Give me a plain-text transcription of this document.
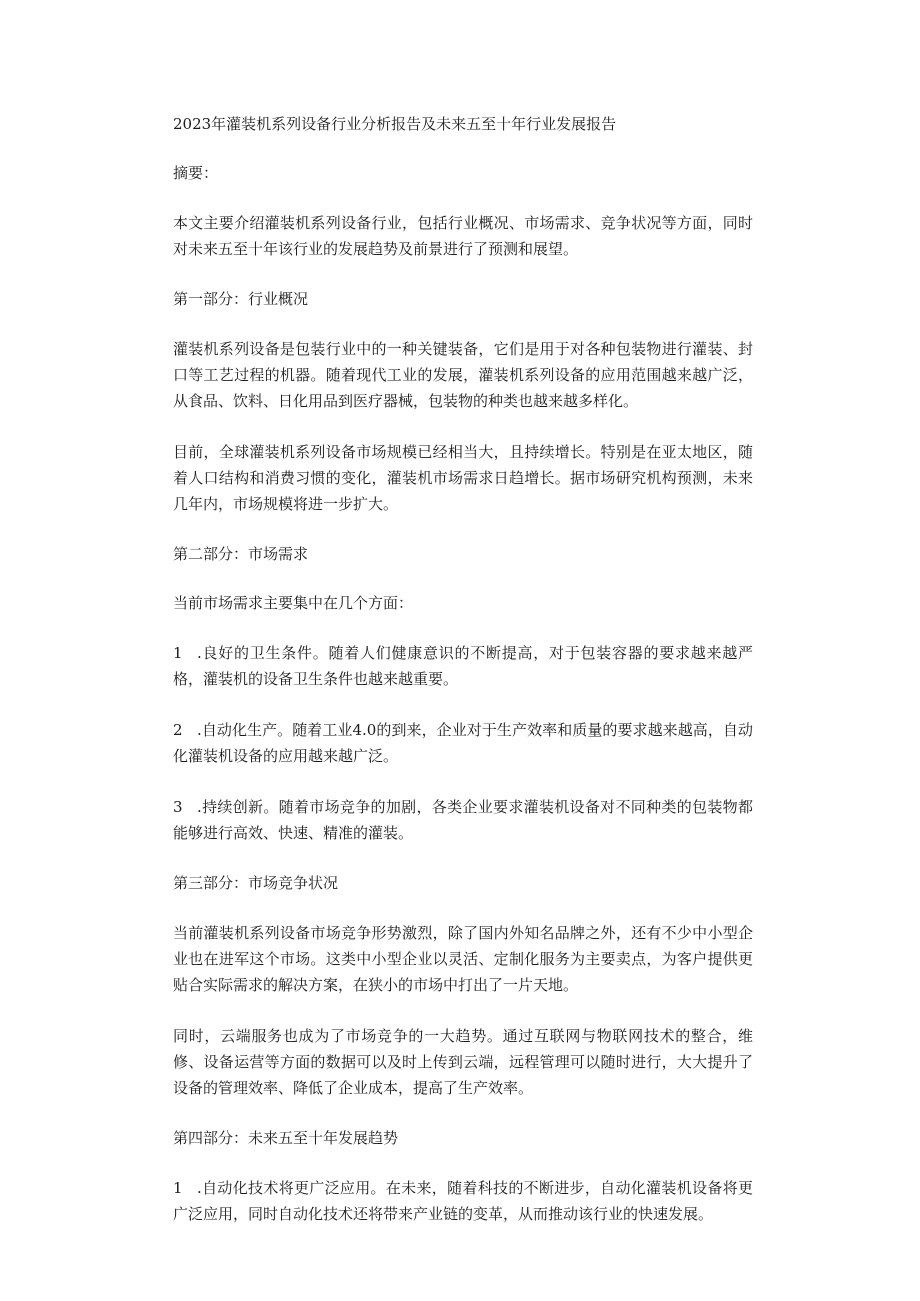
2023年灌装机系列设备行业分析报告及未来五至十年行业发展报告

摘要：

本文主要介绍灌装机系列设备行业，包括行业概况、市场需求、竞争状况等方面，同时对未来五至十年该行业的发展趋势及前景进行了预测和展望。

第一部分：行业概况

灌装机系列设备是包装行业中的一种关键装备，它们是用于对各种包装物进行灌装、封口等工艺过程的机器。随着现代工业的发展，灌装机系列设备的应用范围越来越广泛，从食品、饮料、日化用品到医疗器械，包装物的种类也越来越多样化。

目前，全球灌装机系列设备市场规模已经相当大，且持续增长。特别是在亚太地区，随着人口结构和消费习惯的变化，灌装机市场需求日趋增长。据市场研究机构预测，未来几年内，市场规模将进一步扩大。

第二部分：市场需求

当前市场需求主要集中在几个方面：

1 .良好的卫生条件。随着人们健康意识的不断提高，对于包装容器的要求越来越严格，灌装机的设备卫生条件也越来越重要。

2 .自动化生产。随着工业4.0的到来，企业对于生产效率和质量的要求越来越高，自动化灌装机设备的应用越来越广泛。

3 .持续创新。随着市场竞争的加剧，各类企业要求灌装机设备对不同种类的包装物都能够进行高效、快速、精准的灌装。

第三部分：市场竞争状况

当前灌装机系列设备市场竞争形势激烈，除了国内外知名品牌之外，还有不少中小型企业也在进军这个市场。这类中小型企业以灵活、定制化服务为主要卖点，为客户提供更贴合实际需求的解决方案，在狭小的市场中打出了一片天地。

同时，云端服务也成为了市场竞争的一大趋势。通过互联网与物联网技术的整合，维修、设备运营等方面的数据可以及时上传到云端，远程管理可以随时进行，大大提升了设备的管理效率、降低了企业成本，提高了生产效率。

第四部分：未来五至十年发展趋势

1 .自动化技术将更广泛应用。在未来，随着科技的不断进步，自动化灌装机设备将更广泛应用，同时自动化技术还将带来产业链的变革，从而推动该行业的快速发展。
